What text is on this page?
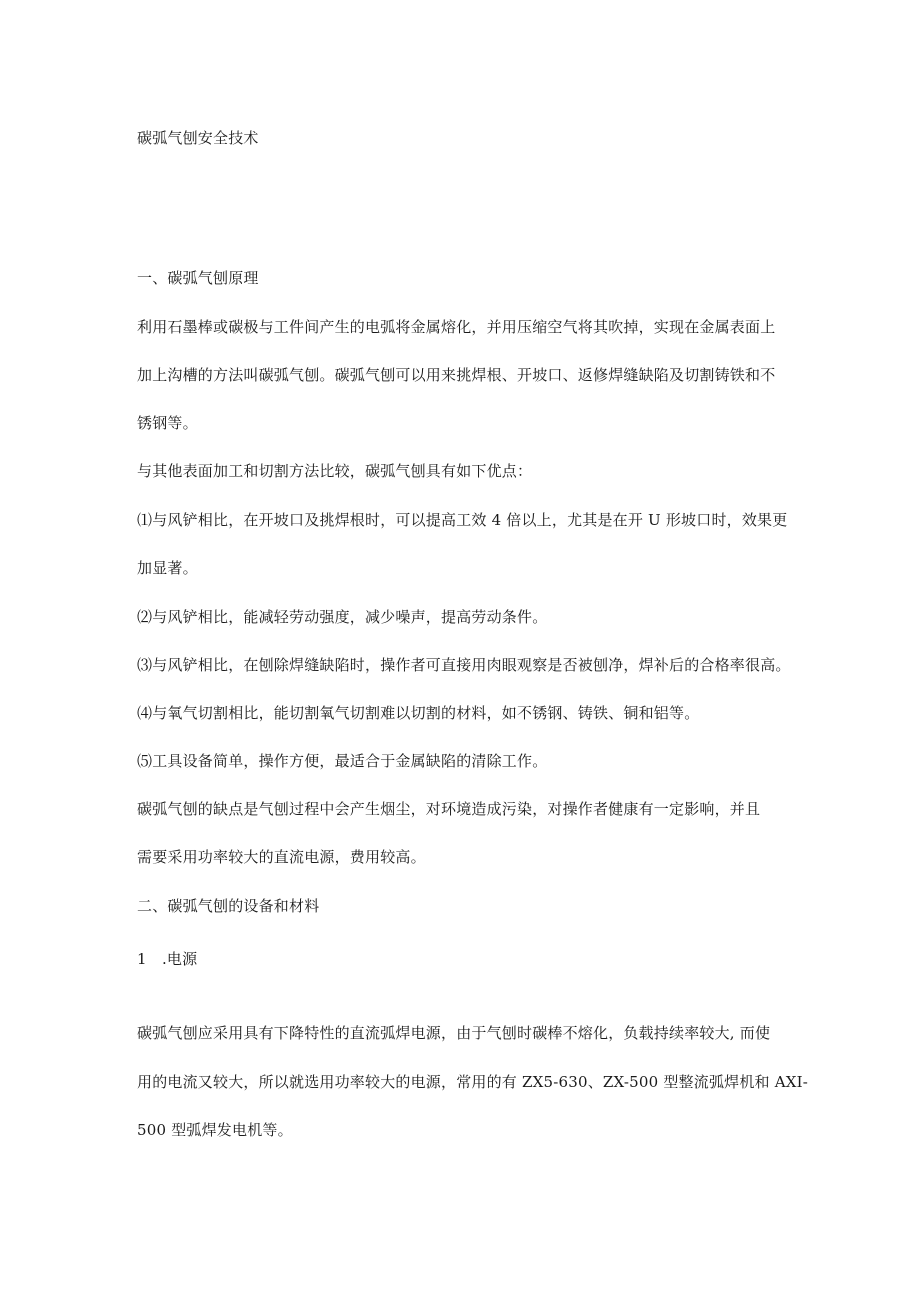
碳弧气刨安全技术
一、碳弧气刨原理
利用石墨棒或碳极与工件间产生的电弧将金属熔化，并用压缩空气将其吹掉，实现在金属表面上
加上沟槽的方法叫碳弧气刨。碳弧气刨可以用来挑焊根、开坡口、返修焊缝缺陷及切割铸铁和不
锈钢等。
与其他表面加工和切割方法比较，碳弧气刨具有如下优点：
⑴与风铲相比，在开坡口及挑焊根时，可以提高工效 4 倍以上，尤其是在开 U 形坡口时，效果更
加显著。
⑵与风铲相比，能减轻劳动强度，减少噪声，提高劳动条件。
⑶与风铲相比，在刨除焊缝缺陷时，操作者可直接用肉眼观察是否被刨净，焊补后的合格率很高。
⑷与氧气切割相比，能切割氧气切割难以切割的材料，如不锈钢、铸铁、铜和铝等。
⑸工具设备简单，操作方便，最适合于金属缺陷的清除工作。
碳弧气刨的缺点是气刨过程中会产生烟尘，对环境造成污染，对操作者健康有一定影响，并且
需要采用功率较大的直流电源，费用较高。
二、碳弧气刨的设备和材料
1　.电源
碳弧气刨应采用具有下降特性的直流弧焊电源，由于气刨时碳棒不熔化，负载持续率较大, 而使
用的电流又较大，所以就选用功率较大的电源，常用的有 ZX5-630、ZX-500 型整流弧焊机和 AXI-
500 型弧焊发电机等。
